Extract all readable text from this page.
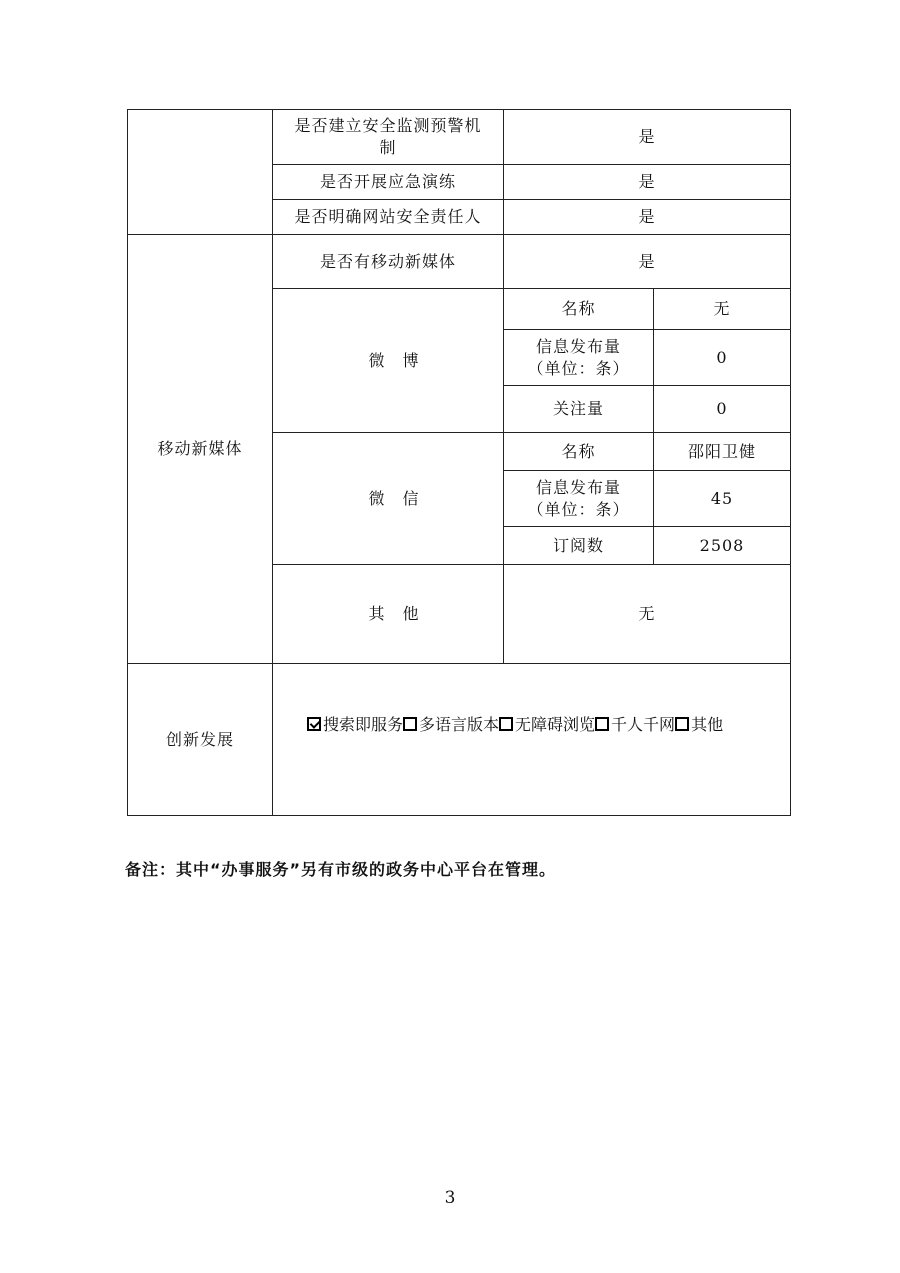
	是否建立安全监测预警机制	是	
	是否开展应急演练	是	
	是否明确网站安全责任人	是	
移动新媒体	是否有移动新媒体	是	
	微　博	名称	无

		信息发布量
（单位：条）	0
		关注量	0
	微　信	名称	邵阳卫健

		信息发布量
（单位：条）	45
		订阅数	2508
	其　他	无	
创新发展	搜索即服务 多语言版本 无障碍浏览 千人千网 其他		
备注：其中“办事服务”另有市级的政务中心平台在管理。
3
